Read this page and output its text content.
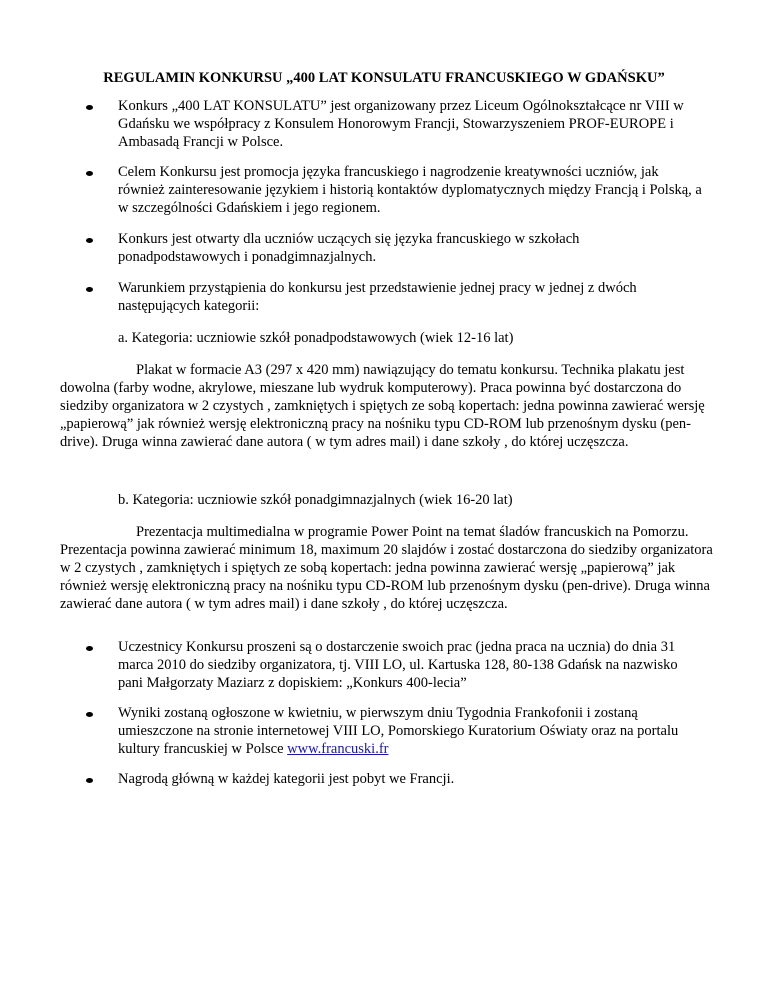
REGULAMIN KONKURSU „400 LAT KONSULATU FRANCUSKIEGO W GDAŃSKU”
Konkurs „400 LAT KONSULATU” jest organizowany przez Liceum Ogólnokształcące nr VIII w Gdańsku we współpracy z Konsulem Honorowym Francji, Stowarzyszeniem PROF-EUROPE i Ambasadą Francji w Polsce.
Celem Konkursu jest promocja języka francuskiego i nagrodzenie kreatywności uczniów, jak również zainteresowanie językiem i historią kontaktów dyplomatycznych między Francją i Polską, a w szczególności Gdańskiem i jego regionem.
Konkurs jest otwarty dla uczniów uczących się języka francuskiego w szkołach ponadpodstawowych i ponadgimnazjalnych.
Warunkiem przystąpienia do konkursu jest przedstawienie jednej pracy w jednej z dwóch następujących kategorii:
a. Kategoria: uczniowie szkół ponadpodstawowych (wiek 12-16 lat)
Plakat w formacie A3 (297 x 420 mm) nawiązujący do tematu konkursu. Technika plakatu jest dowolna (farby wodne, akrylowe, mieszane lub wydruk komputerowy). Praca powinna być dostarczona do siedziby organizatora w 2 czystych , zamkniętych i spiętych ze sobą kopertach: jedna powinna zawierać wersję „papierową” jak również wersję elektroniczną pracy na nośniku typu CD-ROM lub przenośnym dysku (pen-drive). Druga winna zawierać dane autora ( w tym adres mail) i dane szkoły , do której uczęszcza.
b. Kategoria: uczniowie szkół ponadgimnazjalnych (wiek 16-20 lat)
Prezentacja multimedialna w programie Power Point na temat śladów francuskich na Pomorzu. Prezentacja powinna zawierać minimum 18, maximum 20 slajdów i zostać dostarczona do siedziby organizatora w 2 czystych , zamkniętych i spiętych ze sobą kopertach: jedna powinna zawierać wersję „papierową” jak również wersję elektroniczną pracy na nośniku typu CD-ROM lub przenośnym dysku (pen-drive). Druga winna zawierać dane autora ( w tym adres mail) i dane szkoły , do której uczęszcza.
Uczestnicy Konkursu proszeni są o dostarczenie swoich prac (jedna praca na ucznia) do dnia 31 marca 2010 do siedziby organizatora, tj. VIII LO, ul. Kartuska 128, 80-138 Gdańsk na nazwisko pani Małgorzaty Maziarz z dopiskiem: „Konkurs 400-lecia”
Wyniki zostaną ogłoszone w kwietniu, w pierwszym dniu Tygodnia Frankofonii i zostaną umieszczone na stronie internetowej VIII LO, Pomorskiego Kuratorium Oświaty oraz na portalu kultury francuskiej w Polsce www.francuski.fr
Nagrodą główną w każdej kategorii jest pobyt we Francji.
